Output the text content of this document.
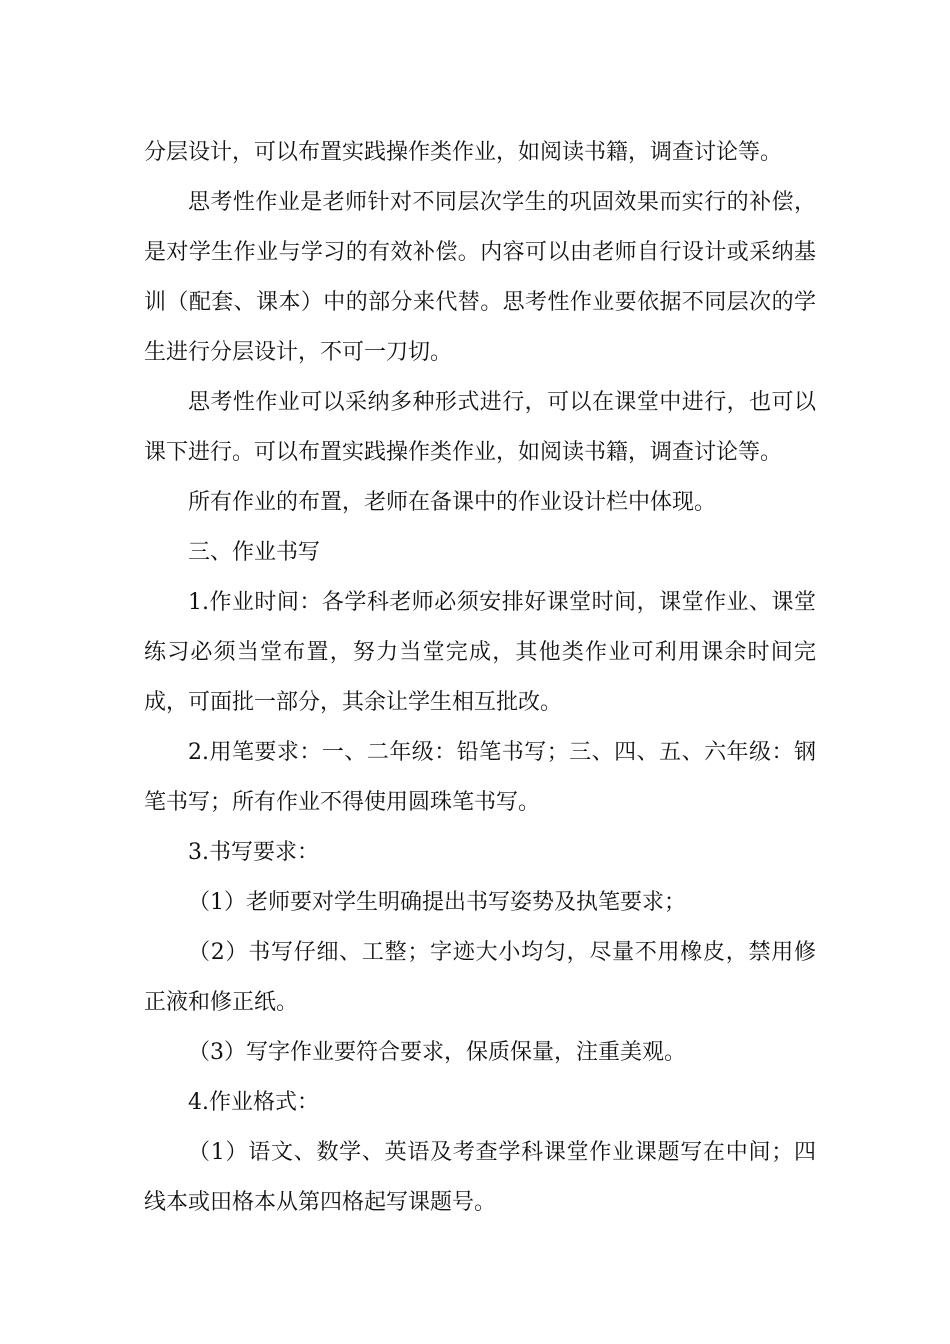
分层设计，可以布置实践操作类作业，如阅读书籍，调查讨论等。

思考性作业是老师针对不同层次学生的巩固效果而实行的补偿，是对学生作业与学习的有效补偿。内容可以由老师自行设计或采纳基训（配套、课本）中的部分来代替。思考性作业要依据不同层次的学生进行分层设计，不可一刀切。

思考性作业可以采纳多种形式进行，可以在课堂中进行，也可以课下进行。可以布置实践操作类作业，如阅读书籍，调查讨论等。

所有作业的布置，老师在备课中的作业设计栏中体现。

三、作业书写

1.作业时间：各学科老师必须安排好课堂时间，课堂作业、课堂练习必须当堂布置，努力当堂完成，其他类作业可利用课余时间完成，可面批一部分，其余让学生相互批改。

2.用笔要求：一、二年级：铅笔书写；三、四、五、六年级：钢笔书写；所有作业不得使用圆珠笔书写。

3.书写要求：

（1）老师要对学生明确提出书写姿势及执笔要求；

（2）书写仔细、工整；字迹大小均匀，尽量不用橡皮，禁用修正液和修正纸。

（3）写字作业要符合要求，保质保量，注重美观。

4.作业格式：

（1）语文、数学、英语及考查学科课堂作业课题写在中间；四线本或田格本从第四格起写课题号。
